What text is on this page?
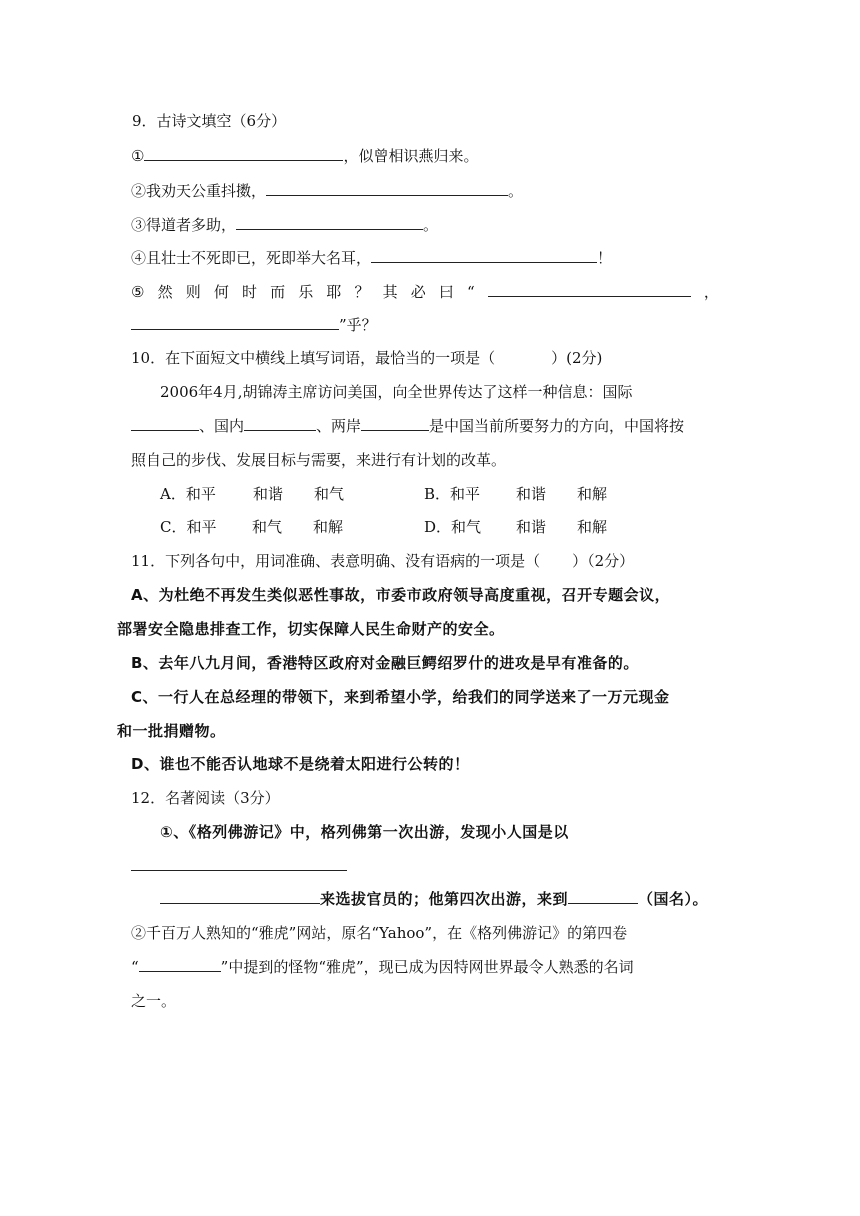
9．古诗文填空（6分）
①	，似曾相识燕归来。
②我劝天公重抖擞，	。
③得道者多助，	。
④且壮士不死即已，死即举大名耳，	！
⑤ 然 则 何 时 而 乐 耶 ？ 其 必 曰 “	，
”乎？
10．在下面短文中横线上填写词语，最恰当的一项是（	）(2分)
2006年4月,胡锦涛主席访问美国，向全世界传达了这样一种信息：国际
、国内	、两岸	是中国当前所要努力的方向，中国将按
照自己的步伐、发展目标与需要，来进行有计划的改革。
A．和平 和谐 和气	B．和平 和谐 和解
C．和平 和气 和解	D．和气 和谐 和解
11．下列各句中，用词准确、表意明确、没有语病的一项是（ ）（2分）
A、为杜绝不再发生类似恶性事故，市委市政府领导高度重视，召开专题会议，
部署安全隐患排查工作，切实保障人民生命财产的安全。
B、去年八九月间，香港特区政府对金融巨鳄绍罗什的进攻是早有准备的。
C、一行人在总经理的带领下，来到希望小学，给我们的同学送来了一万元现金
和一批捐赠物。
D、谁也不能否认地球不是绕着太阳进行公转的！
12．名著阅读（3分）
①、《格列佛游记》中，格列佛第一次出游，发现小人国是以
来选拔官员的；他第四次出游，来到	（国名）。
②千百万人熟知的“雅虎”网站，原名“Yahoo”，在《格列佛游记》的第四卷
“	”中提到的怪物“雅虎”，现已成为因特网世界最令人熟悉的名词
之一。
